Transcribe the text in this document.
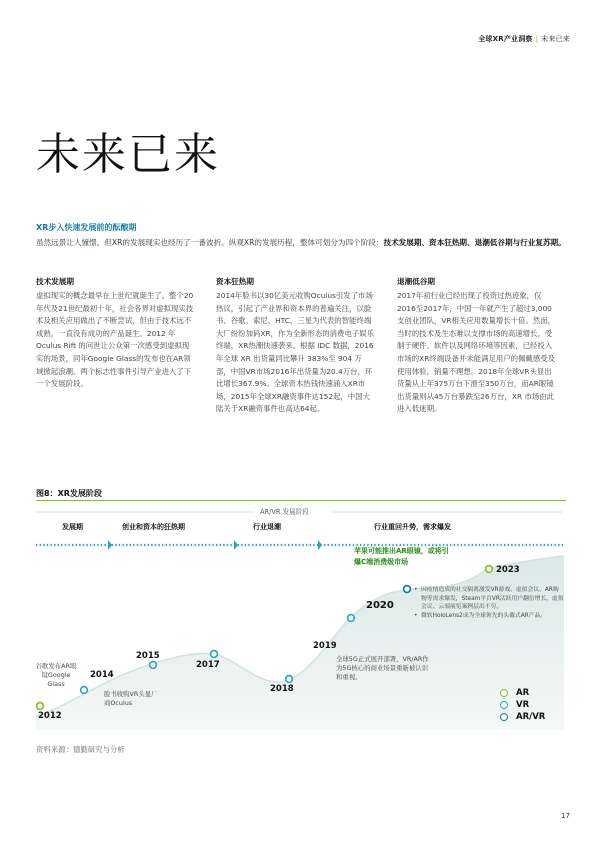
全球XR产业洞察 | 未来已来
未来已来
XR步入快速发展前的酝酿期
虽然远景让人憧憬，但XR的发展现实也经历了一番波折。纵观XR的发展历程，整体可划分为四个阶段：技术发展期、资本狂热期、退潮低谷期与行业复苏期。
技术发展期
虚拟现实的概念最早在上世纪就诞生了。整个20年代及21世纪最初十年，社会各界对虚拟现实技术及相关应用做出了不断尝试，但由于技术远不成熟，一直没有成功的产品诞生。2012 年 Oculus Rift 的问世让公众第一次感受到虚拟现实的场景，同年Google Glass的发布也在AR领域掀起浪潮。两个标志性事件引导产业进入了下一个发展阶段。
资本狂热期
2014年脸书以30亿美元收购Oculus引发了市场热议，引起了产业界和资本界的普遍关注，以脸书、谷歌、索尼、HTC、三星为代表的智能终端大厂纷纷加码XR，作为全新形态的消费电子娱乐终端，XR热潮快速袭来。根据 IDC 数据，2016 年全球 XR 出货量同比攀升 383%至 904 万部，中国VR市场2016年出货量为20.4万台，环比增长367.9%。全球资本热钱快速涌入XR市场，2015年全球XR融资事件达152起，中国大陆关于XR融资事件也高达64起。
退潮低谷期
2017年初行业已经出现了投资过热迹象，仅2016至2017年，中国一年就产生了超过3,000支创业团队，VR相关应用数量增长十倍。然而，当时的技术及生态难以支撑市场的高速增长。受制于硬件、软件以及网络环境等因素，已经投入市场的XR终端设备并未能满足用户的佩戴感受及使用体验，销量不理想。2018年全球VR头显出货量从上年375万台下滑至350万台，而AR眼镜出货量则从45万台暴跌至26万台，XR 市场由此进入低迷期。
图8：XR发展阶段
AR/VR 发展阶段
发展期	创业和资本的狂热期	行业退潮	行业重回升势，需求爆发
2012
2014
2015
2017
2018
2019
2020
2023
谷歌发布AR眼镜Google Glass
脸书收购VR头显厂商Oculus
全球5G正式展开部署，VR/AR作为5G核心的商业场景重新被认识和重视。
苹果可能推出AR眼镜，或将引爆C端消费级市场
• 因疫情造成的社交隔离激发VR游戏、虚拟会议、AR购物等需求爆发，Steam平台VR活跃用户翻倍增长，虚拟会议、云端展览案例层出不穷。
• 微软HoloLens2成为全球领先的头戴式AR产品。
AR
VR
AR/VR
资料来源：德勤研究与分析
17
